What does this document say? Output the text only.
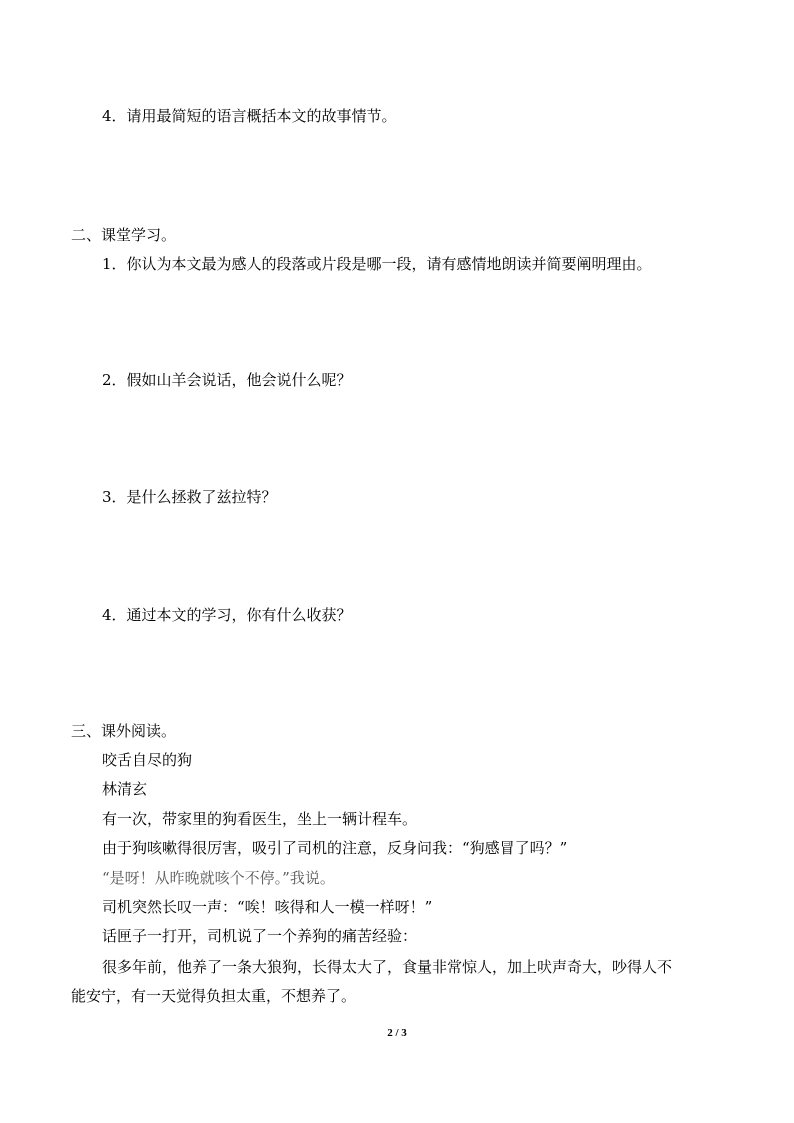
4．请用最简短的语言概括本文的故事情节。
二、课堂学习。
1．你认为本文最为感人的段落或片段是哪一段，请有感情地朗读并简要阐明理由。
2．假如山羊会说话，他会说什么呢？
3．是什么拯救了兹拉特？
4．通过本文的学习，你有什么收获？
三、课外阅读。
咬舌自尽的狗
林清玄
有一次，带家里的狗看医生，坐上一辆计程车。
由于狗咳嗽得很厉害，吸引了司机的注意，反身问我：“狗感冒了吗？”
“是呀！从昨晚就咳个不停。”我说。
司机突然长叹一声：“唉！咳得和人一模一样呀！”
话匣子一打开，司机说了一个养狗的痛苦经验：
很多年前，他养了一条大狼狗，长得太大了，食量非常惊人，加上吠声奇大，吵得人不
能安宁，有一天觉得负担太重，不想养了。
2 / 3
